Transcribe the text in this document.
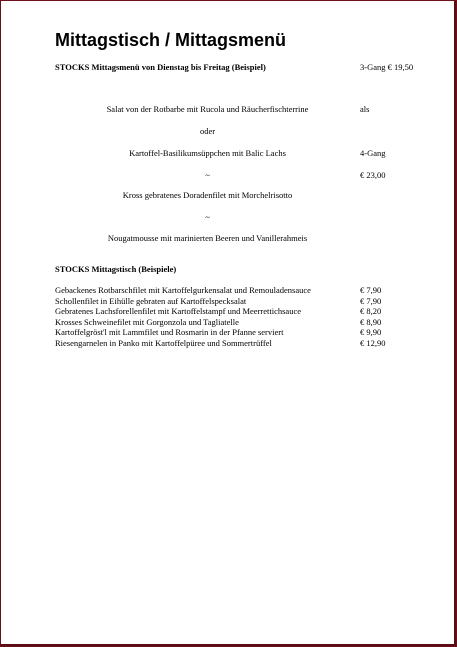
Mittagstisch / Mittagsmenü
STOCKS Mittagsmenü von Dienstag bis Freitag (Beispiel)	3-Gang € 19,50
Salat von der Rotbarbe mit Rucola und Räucherfischterrine	als
oder
Kartoffel-Basilikumsüppchen mit Balic Lachs	4-Gang
~	€ 23,00
Kross gebratenes Doradenfilet mit Morchelrisotto
~
Nougatmousse mit marinierten Beeren und Vanillerahmeis
STOCKS Mittagstisch (Beispiele)
Gebackenes Rotbarschfilet mit Kartoffelgurkensalat und Remouladensauce	€ 7,90
Schollenfilet in Eihülle gebraten auf Kartoffelspecksalat	€ 7,90
Gebratenes Lachsforellenfilet mit Kartoffelstampf und Meerrettichsauce	€ 8,20
Krosses Schweinefilet mit Gorgonzola und Tagliatelle	€ 8,90
Kartoffelgröst'l mit Lammfilet und Rosmarin in der Pfanne serviert	€ 9,90
Riesengarnelen in Panko mit Kartoffelpüree und Sommertrüffel	€ 12,90
